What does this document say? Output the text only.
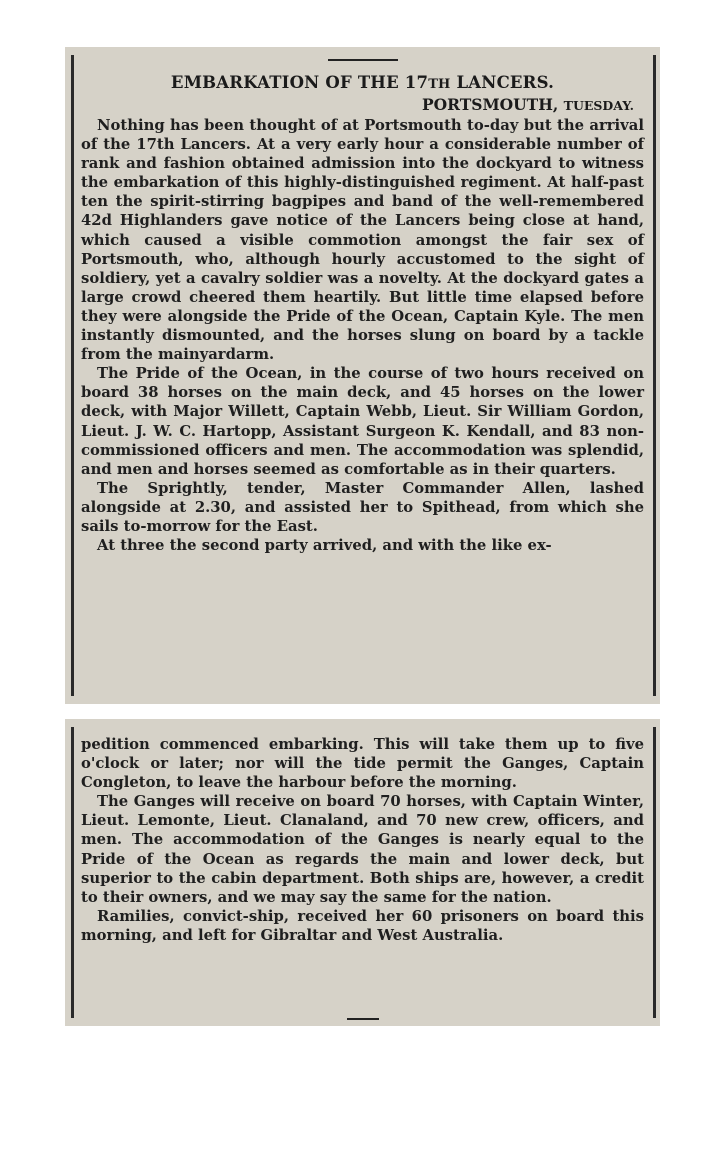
EMBARKATION OF THE 17TH LANCERS.
PORTSMOUTH, TUESDAY.

Nothing has been thought of at Portsmouth to-day but the arrival of the 17th Lancers. At a very early hour a considerable number of rank and fashion obtained admission into the dockyard to witness the embarkation of this highly-distinguished regiment. At half-past ten the spirit-stirring bagpipes and band of the well-remembered 42d Highlanders gave notice of the Lancers being close at hand, which caused a visible commotion amongst the fair sex of Portsmouth, who, although hourly accustomed to the sight of soldiery, yet a cavalry soldier was a novelty. At the dockyard gates a large crowd cheered them heartily. But little time elapsed before they were alongside the Pride of the Ocean, Captain Kyle. The men instantly dismounted, and the horses slung on board by a tackle from the mainyardarm.

The Pride of the Ocean, in the course of two hours received on board 38 horses on the main deck, and 45 horses on the lower deck, with Major Willett, Captain Webb, Lieut. Sir William Gordon, Lieut. J. W. C. Hartopp, Assistant Surgeon K. Kendall, and 83 non-commissioned officers and men. The accommodation was splendid, and men and horses seemed as comfortable as in their quarters.

The Sprightly, tender, Master Commander Allen, lashed alongside at 2.30, and assisted her to Spithead, from which she sails to-morrow for the East.

At three the second party arrived, and with the like ex-

pedition commenced embarking. This will take them up to five o'clock or later; nor will the tide permit the Ganges, Captain Congleton, to leave the harbour before the morning.

The Ganges will receive on board 70 horses, with Captain Winter, Lieut. Lemonte, Lieut. Clanaland, and 70 new crew, officers, and men. The accommodation of the Ganges is nearly equal to the Pride of the Ocean as regards the main and lower deck, but superior to the cabin department. Both ships are, however, a credit to their owners, and we may say the same for the nation.

Ramilies, convict-ship, received her 60 prisoners on board this morning, and left for Gibraltar and West Australia.
